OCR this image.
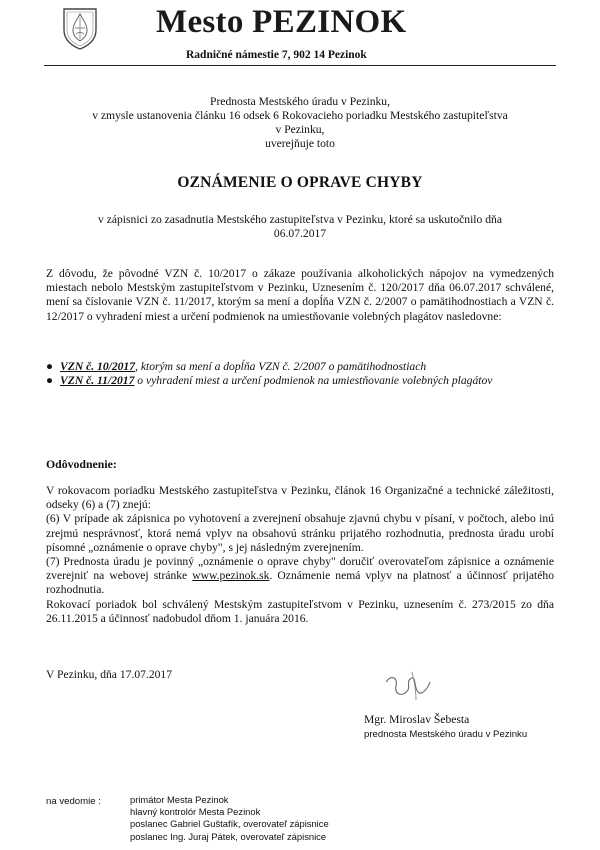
Mesto PEZINOK
Radničné námestie 7, 902 14 Pezinok
Prednosta Mestského úradu v Pezinku,
v zmysle ustanovenia článku 16 odsek 6 Rokovacieho poriadku Mestského zastupiteľstva
v Pezinku,
uverejňuje toto
OZNÁMENIE O OPRAVE CHYBY
v zápisnici zo zasadnutia Mestského zastupiteľstva v Pezinku, ktoré sa uskutočnilo dňa
06.07.2017

Z dôvodu, že pôvodné VZN č. 10/2017 o zákaze používania alkoholických nápojov na vymedzených miestach nebolo Mestským zastupiteľstvom v Pezinku, Uznesením č. 120/2017 dňa 06.07.2017 schválené, mení sa číslovanie VZN č. 11/2017, ktorým sa mení a dopĺňa VZN č. 2/2007 o pamätihodnostiach a VZN č. 12/2017 o vyhradení miest a určení podmienok na umiestňovanie volebných plagátov nasledovne:

● VZN č. 10/2017, ktorým sa mení a dopĺňa VZN č. 2/2007 o pamätihodnostiach

● VZN č. 11/2017 o vyhradení miest a určení podmienok na umiestňovanie volebných plagátov

Odôvodnenie:

V rokovacom poriadku Mestského zastupiteľstva v Pezinku, článok 16 Organizačné a technické záležitosti, odseky (6) a (7) znejú:

(6) V prípade ak zápisnica po vyhotovení a zverejnení obsahuje zjavnú chybu v písaní, v počtoch, alebo inú zrejmú nesprávnosť, ktorá nemá vplyv na obsahovú stránku prijatého rozhodnutia, prednosta úradu urobí písomné „oznámenie o oprave chyby", s jej následným zverejnením.

(7) Prednosta úradu je povinný „oznámenie o oprave chyby" doručiť overovateľom zápisnice a oznámenie zverejniť na webovej stránke www.pezinok.sk. Oznámenie nemá vplyv na platnosť a účinnosť prijatého rozhodnutia.

Rokovací poriadok bol schválený Mestským zastupiteľstvom v Pezinku, uznesením č. 273/2015 zo dňa 26.11.2015 a účinnosť nadobudol dňom 1. januára 2016.

V Pezinku, dňa 17.07.2017
Mgr. Miroslav Šebesta
prednosta Mestského úradu v Pezinku
na vedomie :	primátor Mesta Pezinok
hlavný kontrolór Mesta Pezinok
poslanec Gabriel Guštafík, overovateľ zápisnice
poslanec Ing. Juraj Pátek, overovateľ zápisnice
